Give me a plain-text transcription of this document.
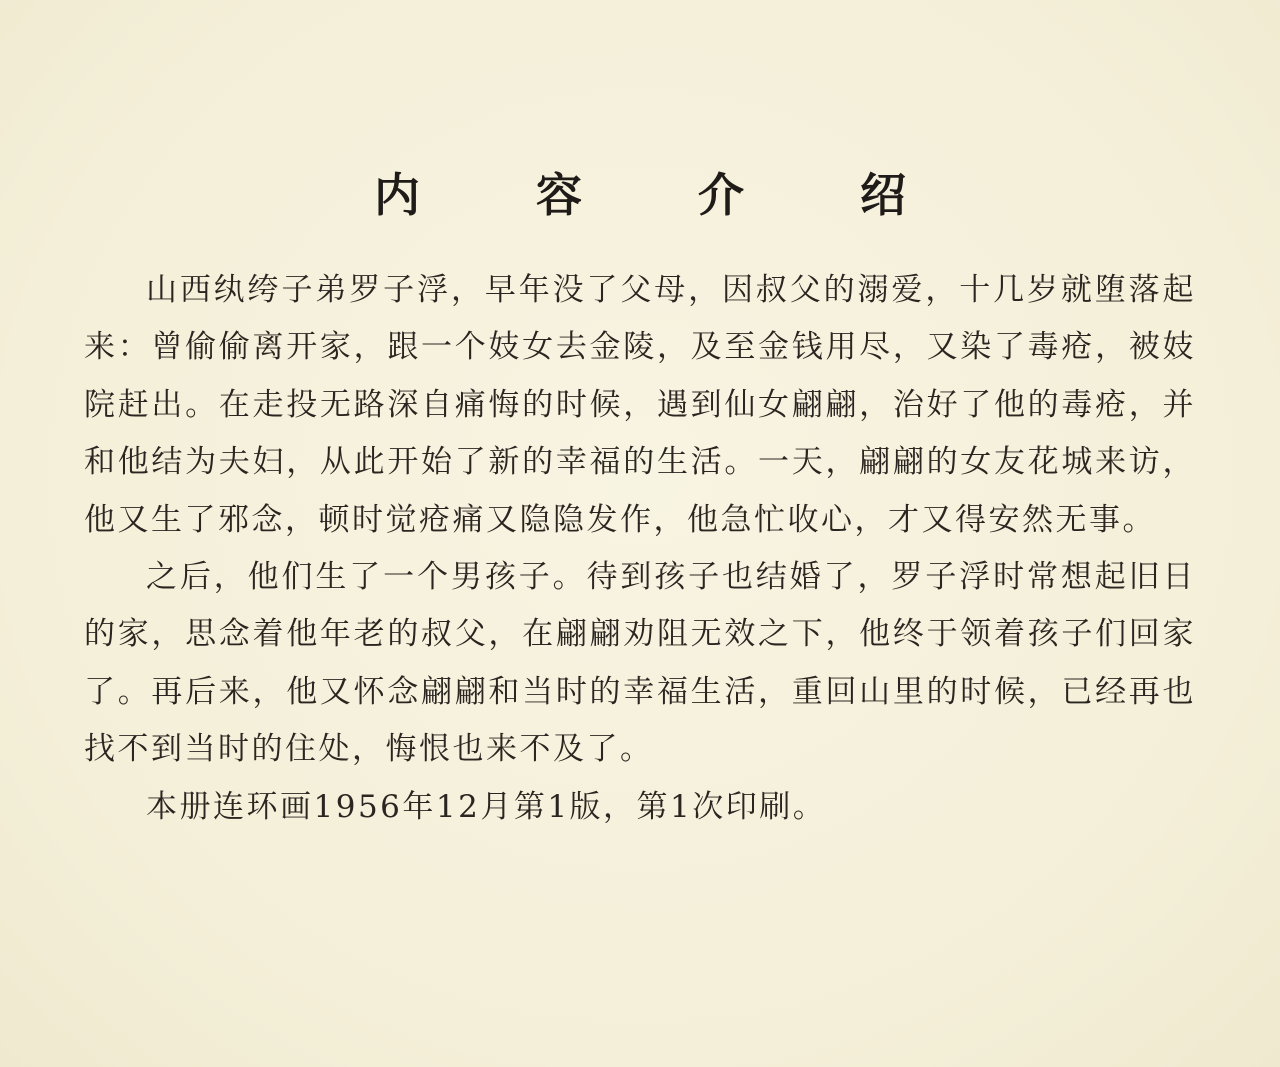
内 容 介 绍

山西纨绔子弟罗子浮，早年没了父母，因叔父的溺爱，十几岁就堕落起来：曾偷偷离开家，跟一个妓女去金陵，及至金钱用尽，又染了毒疮，被妓院赶出。在走投无路深自痛悔的时候，遇到仙女翩翩，治好了他的毒疮，并和他结为夫妇，从此开始了新的幸福的生活。一天，翩翩的女友花城来访，他又生了邪念，顿时觉疮痛又隐隐发作，他急忙收心，才又得安然无事。

之后，他们生了一个男孩子。待到孩子也结婚了，罗子浮时常想起旧日的家，思念着他年老的叔父，在翩翩劝阻无效之下，他终于领着孩子们回家了。再后来，他又怀念翩翩和当时的幸福生活，重回山里的时候，已经再也找不到当时的住处，悔恨也来不及了。

本册连环画1956年12月第1版，第1次印刷。
